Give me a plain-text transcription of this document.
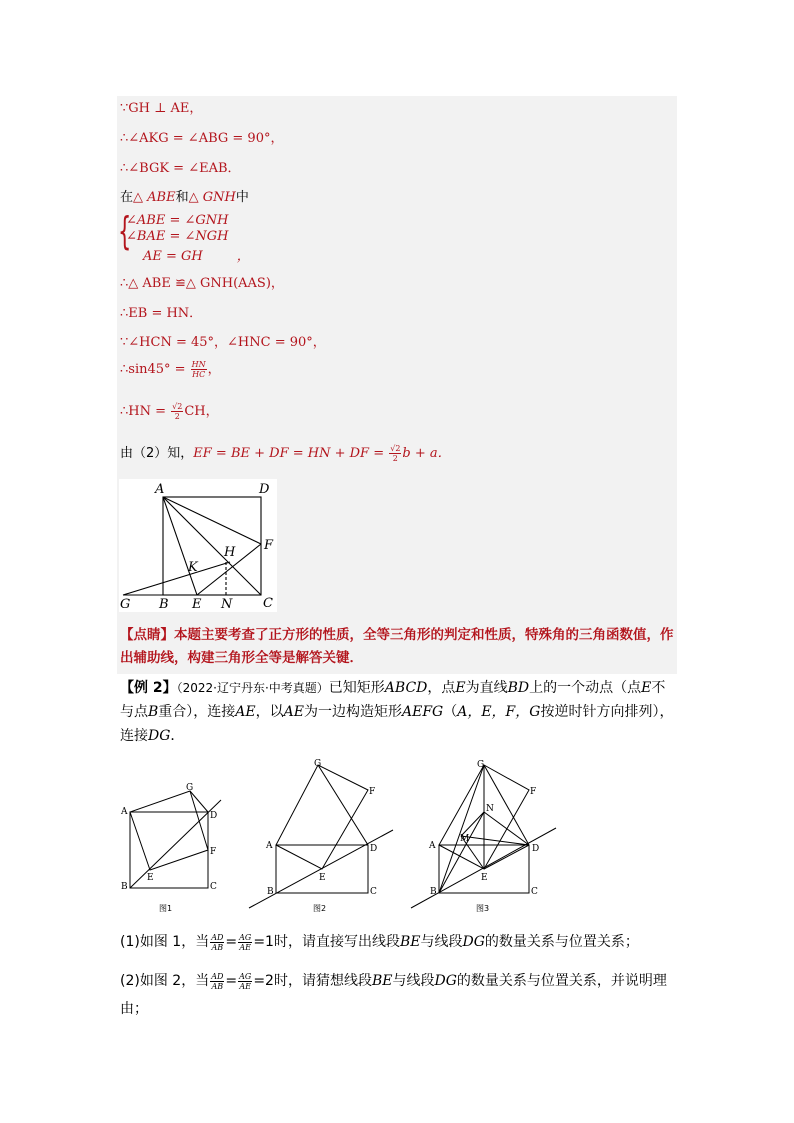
∵GH ⊥ AE，
∴∠AKG = ∠ABG = 90°，
∴∠BGK = ∠EAB．
在△ ABE和△ GNH中
{
∠ABE = ∠GNH
∠BAE = ∠NGH
AE = GH	，
∴△ ABE ≌△ GNH(AAS)，
∴EB = HN．
∵∠HCN = 45°，∠HNC = 90°，
∴sin45° = $\frac{HN}{HC}$ ，
∴HN = $\frac{√2}{2}$ CH，
由（2）知，EF = BE + DF = HN + DF = $\frac{√2}{2}$ b + a．
A	D
F
H
K
G B E N C
A
G
D
F
E
B	C
图1
G
F
A	D
E
B	C
图2
G
F
N
M
A	D
E
B	C
图3
【点睛】本题主要考查了正方形的性质，全等三角形的判定和性质，特殊角的三角函数值，作出辅助线，构建三角形全等是解答关键．
【例 2】（2022·辽宁丹东·中考真题）已知矩形ABCD，点E为直线BD上的一个动点（点E不与点B重合），连接AE，以AE为一边构造矩形AEFG（A，E，F，G按逆时针方向排列），连接DG．
(1)如图 1，当 $\frac{AD}{AB} = \frac{AG}{AE} =1$时，请直接写出线段BE与线段DG的数量关系与位置关系；
(2)如图 2，当 $\frac{AD}{AB} = \frac{AG}{AE} =2$时，请猜想线段BE与线段DG的数量关系与位置关系，并说明理
由；
